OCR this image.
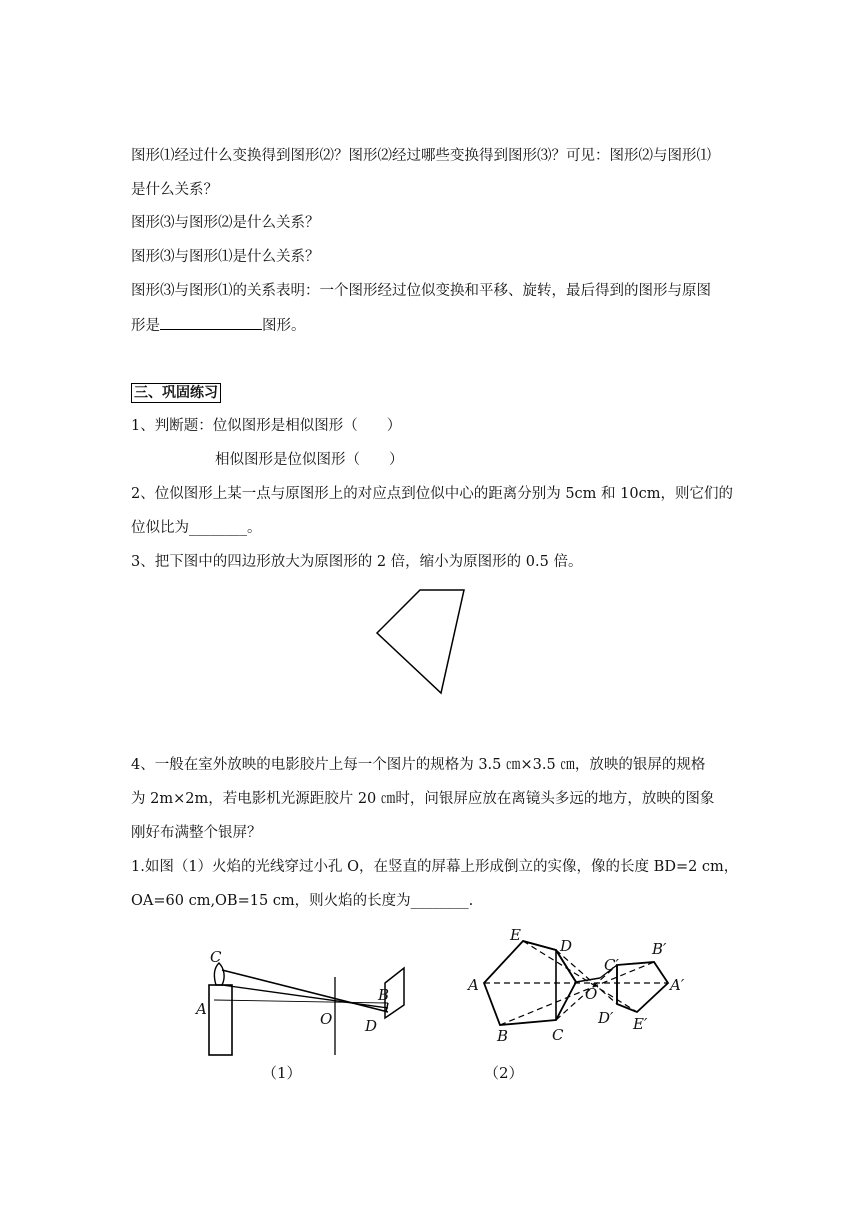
图形⑴经过什么变换得到图形⑵？图形⑵经过哪些变换得到图形⑶？可见：图形⑵与图形⑴
是什么关系？
图形⑶与图形⑵是什么关系？
图形⑶与图形⑴是什么关系？
图形⑶与图形⑴的关系表明：一个图形经过位似变换和平移、旋转，最后得到的图形与原图
形是	图形。
三、巩固练习
1、判断题：位似图形是相似图形（　　）
相似图形是位似图形（　　）
2、位似图形上某一点与原图形上的对应点到位似中心的距离分别为 5cm 和 10cm，则它们的
位似比为________。
3、把下图中的四边形放大为原图形的 2 倍，缩小为原图形的 0.5 倍。
4、一般在室外放映的电影胶片上每一个图片的规格为 3.5 ㎝×3.5 ㎝，放映的银屏的规格
为 2m×2m，若电影机光源距胶片 20 ㎝时，问银屏应放在离镜头多远的地方，放映的图象
刚好布满整个银屏？
1.如图（1）火焰的光线穿过小孔 O，在竖直的屏幕上形成倒立的实像，像的长度 BD=2 cm，
OA=60 cm,OB=15 cm，则火焰的长度为________.
C
A
O
B
D
（1）
E
D
A
B	C
O
C′
B′
A′
D′ E′
（2）
